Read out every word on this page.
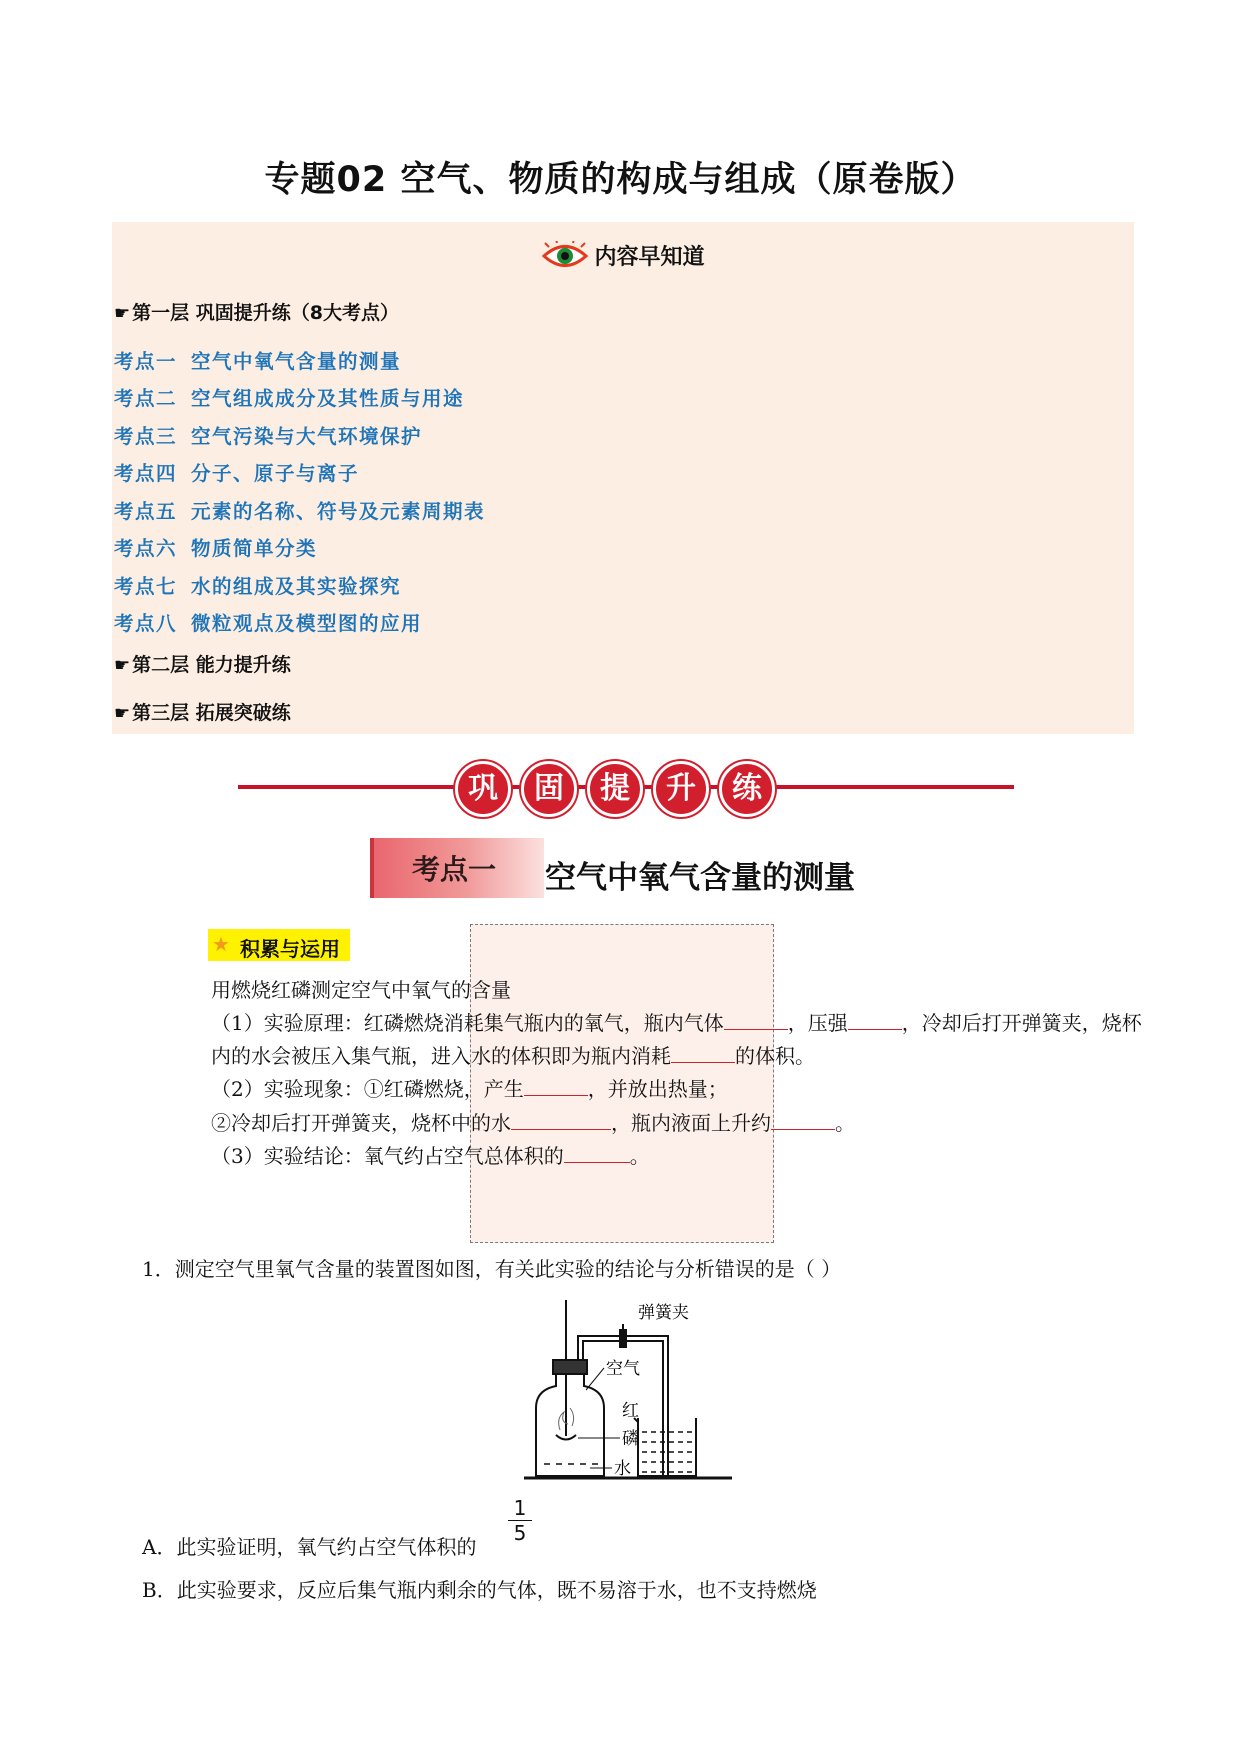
专题02 空气、物质的构成与组成（原卷版）
内容早知道
☛ 第一层 巩固提升练（8大考点）
考点一 空气中氧气含量的测量
考点二 空气组成成分及其性质与用途
考点三 空气污染与大气环境保护
考点四 分子、原子与离子
考点五 元素的名称、符号及元素周期表
考点六 物质简单分类
考点七 水的组成及其实验探究
考点八 微粒观点及模型图的应用
☛ 第二层 能力提升练
☛ 第三层 拓展突破练
巩	固	提	升	练
考点一 空气中氧气含量的测量
★ 积累与运用
用燃烧红磷测定空气中氧气的含量
（1）实验原理：红磷燃烧消耗集气瓶内的氧气，瓶内气体	，压强	，冷却后打开弹簧夹，烧杯
内的水会被压入集气瓶，进入水的体积即为瓶内消耗	的体积。
（2）实验现象：①红磷燃烧，产生	，并放出热量；
②冷却后打开弹簧夹，烧杯中的水	，瓶内液面上升约	。
（3）实验结论：氧气约占空气总体积的	。
1．测定空气里氧气含量的装置图如图，有关此实验的结论与分析错误的是（ ）
弹簧夹
空气
红
磷
水
A．此实验证明，氧气约占空气体积的
1
5
B．此实验要求，反应后集气瓶内剩余的气体，既不易溶于水，也不支持燃烧
